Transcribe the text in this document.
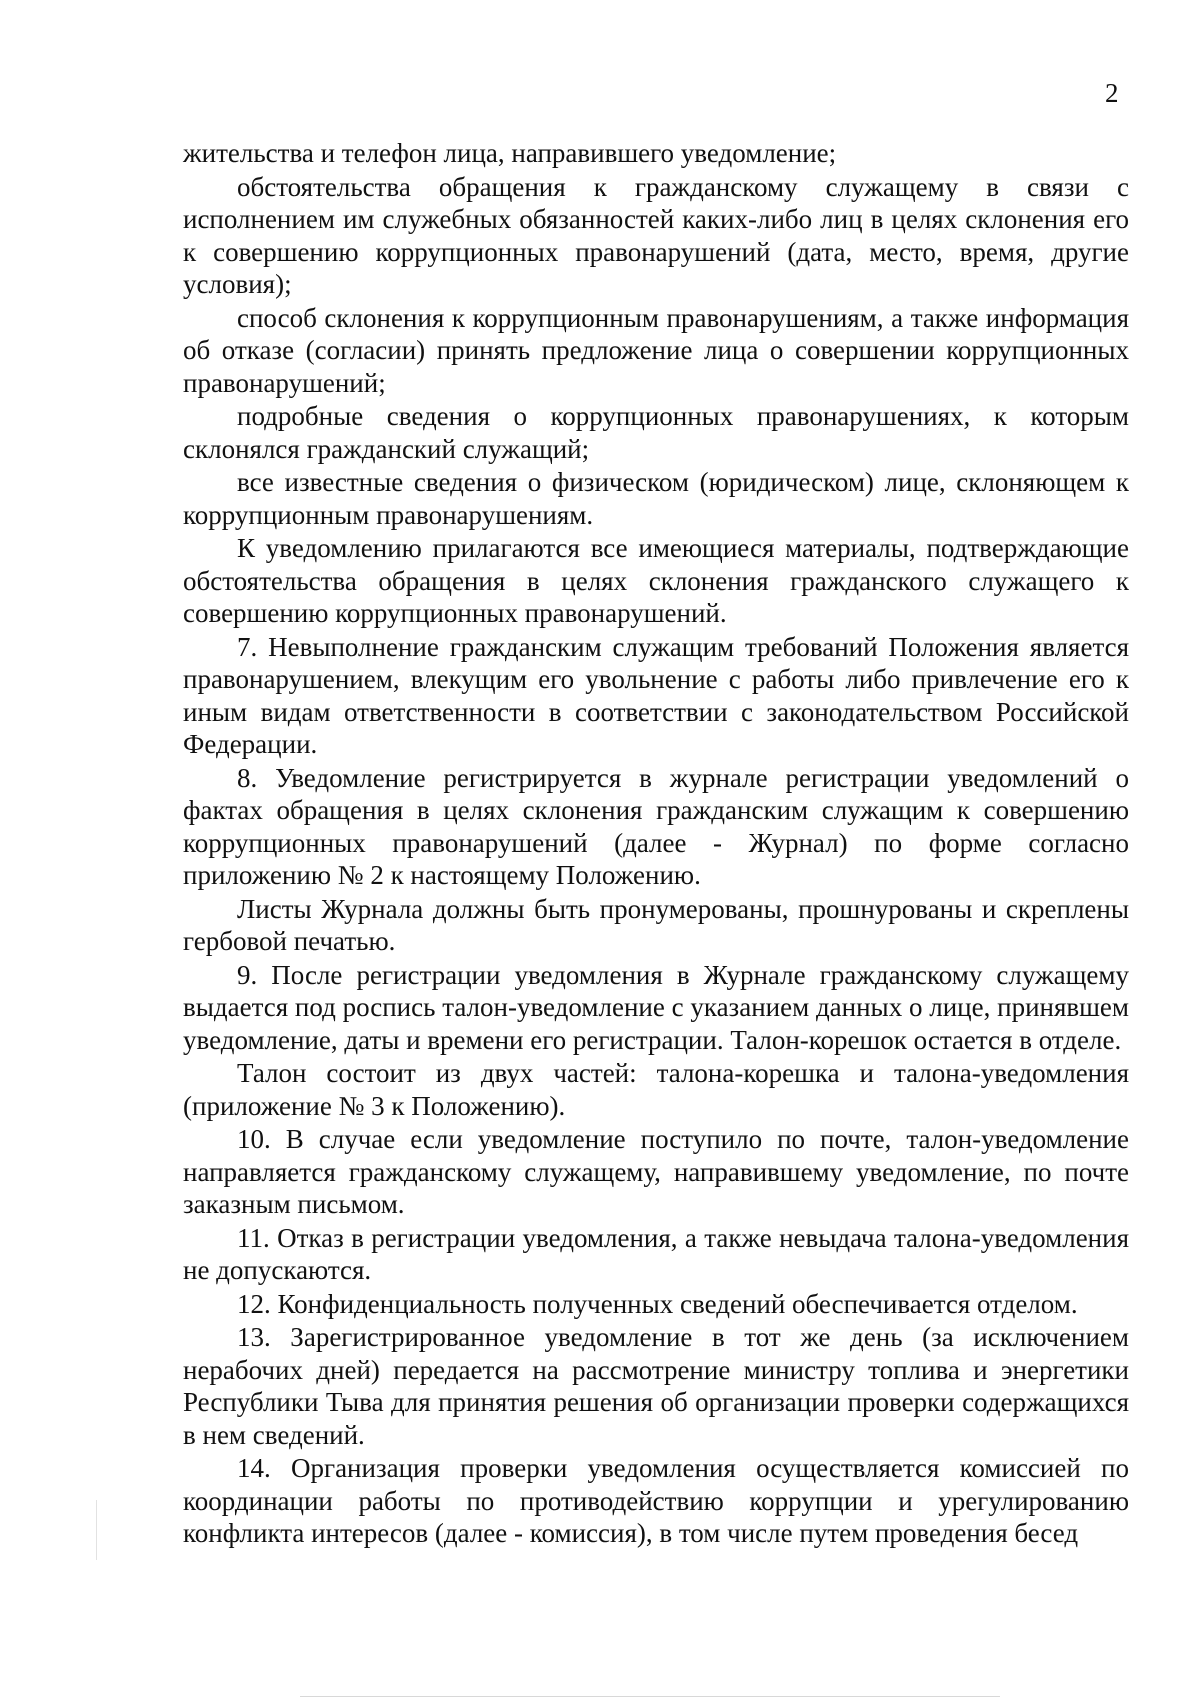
2

жительства и телефон лица, направившего уведомление;

обстоятельства обращения к гражданскому служащему в связи с исполнением им служебных обязанностей каких-либо лиц в целях склонения его к совершению коррупционных правонарушений (дата, место, время, другие условия);

способ склонения к коррупционным правонарушениям, а также информация об отказе (согласии) принять предложение лица о совершении коррупционных правонарушений;

подробные сведения о коррупционных правонарушениях, к которым склонялся гражданский служащий;

все известные сведения о физическом (юридическом) лице, склоняющем к коррупционным правонарушениям.

К уведомлению прилагаются все имеющиеся материалы, подтверждающие обстоятельства обращения в целях склонения гражданского служащего к совершению коррупционных правонарушений.

7. Невыполнение гражданским служащим требований Положения является правонарушением, влекущим его увольнение с работы либо привлечение его к иным видам ответственности в соответствии с законодательством Российской Федерации.

8. Уведомление регистрируется в журнале регистрации уведомлений о фактах обращения в целях склонения гражданским служащим к совершению коррупционных правонарушений (далее - Журнал) по форме согласно приложению № 2 к настоящему Положению.

Листы Журнала должны быть пронумерованы, прошнурованы и скреплены гербовой печатью.

9. После регистрации уведомления в Журнале гражданскому служащему выдается под роспись талон-уведомление с указанием данных о лице, принявшем уведомление, даты и времени его регистрации. Талон-корешок остается в отделе.

Талон состоит из двух частей: талона-корешка и талона-уведомления (приложение № 3 к Положению).

10. В случае если уведомление поступило по почте, талон-уведомление направляется гражданскому служащему, направившему уведомление, по почте заказным письмом.

11. Отказ в регистрации уведомления, а также невыдача талона-уведомления не допускаются.

12. Конфиденциальность полученных сведений обеспечивается отделом.

13. Зарегистрированное уведомление в тот же день (за исключением нерабочих дней) передается на рассмотрение министру топлива и энергетики Республики Тыва для принятия решения об организации проверки содержащихся в нем сведений.

14. Организация проверки уведомления осуществляется комиссией по координации работы по противодействию коррупции и урегулированию конфликта интересов (далее - комиссия), в том числе путем проведения бесед
